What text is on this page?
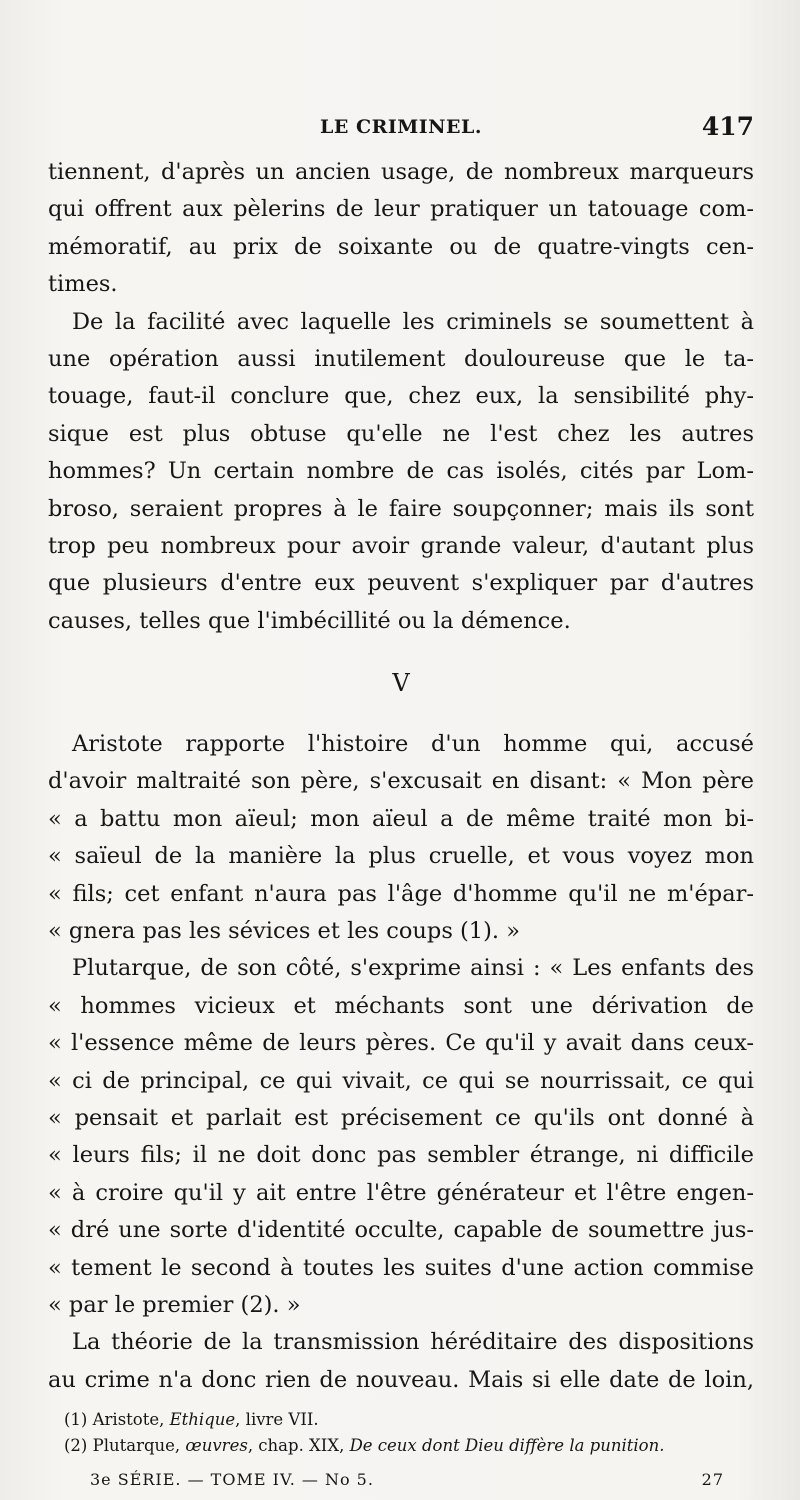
LE CRIMINEL.	417
tiennent, d'après un ancien usage, de nombreux marqueurs
qui offrent aux pèlerins de leur pratiquer un tatouage com-
mémoratif, au prix de soixante ou de quatre-vingts cen-
times.
De la facilité avec laquelle les criminels se soumettent à
une opération aussi inutilement douloureuse que le ta-
touage, faut-il conclure que, chez eux, la sensibilité phy-
sique est plus obtuse qu'elle ne l'est chez les autres
hommes? Un certain nombre de cas isolés, cités par Lom-
broso, seraient propres à le faire soupçonner; mais ils sont
trop peu nombreux pour avoir grande valeur, d'autant plus
que plusieurs d'entre eux peuvent s'expliquer par d'autres
causes, telles que l'imbécillité ou la démence.
V
Aristote rapporte l'histoire d'un homme qui, accusé
d'avoir maltraité son père, s'excusait en disant: « Mon père
« a battu mon aïeul; mon aïeul a de même traité mon bi-
« saïeul de la manière la plus cruelle, et vous voyez mon
« fils; cet enfant n'aura pas l'âge d'homme qu'il ne m'épar-
« gnera pas les sévices et les coups (1). »
Plutarque, de son côté, s'exprime ainsi : « Les enfants des
« hommes vicieux et méchants sont une dérivation de
« l'essence même de leurs pères. Ce qu'il y avait dans ceux-
« ci de principal, ce qui vivait, ce qui se nourrissait, ce qui
« pensait et parlait est précisement ce qu'ils ont donné à
« leurs fils; il ne doit donc pas sembler étrange, ni difficile
« à croire qu'il y ait entre l'être générateur et l'être engen-
« dré une sorte d'identité occulte, capable de soumettre jus-
« tement le second à toutes les suites d'une action commise
« par le premier (2). »
La théorie de la transmission héréditaire des dispositions
au crime n'a donc rien de nouveau. Mais si elle date de loin,
(1) Aristote, Ethique, livre VII.
(2) Plutarque, œuvres, chap. XIX, De ceux dont Dieu diffère la punition.
3e SÉRIE. — TOME IV. — No 5.	27
